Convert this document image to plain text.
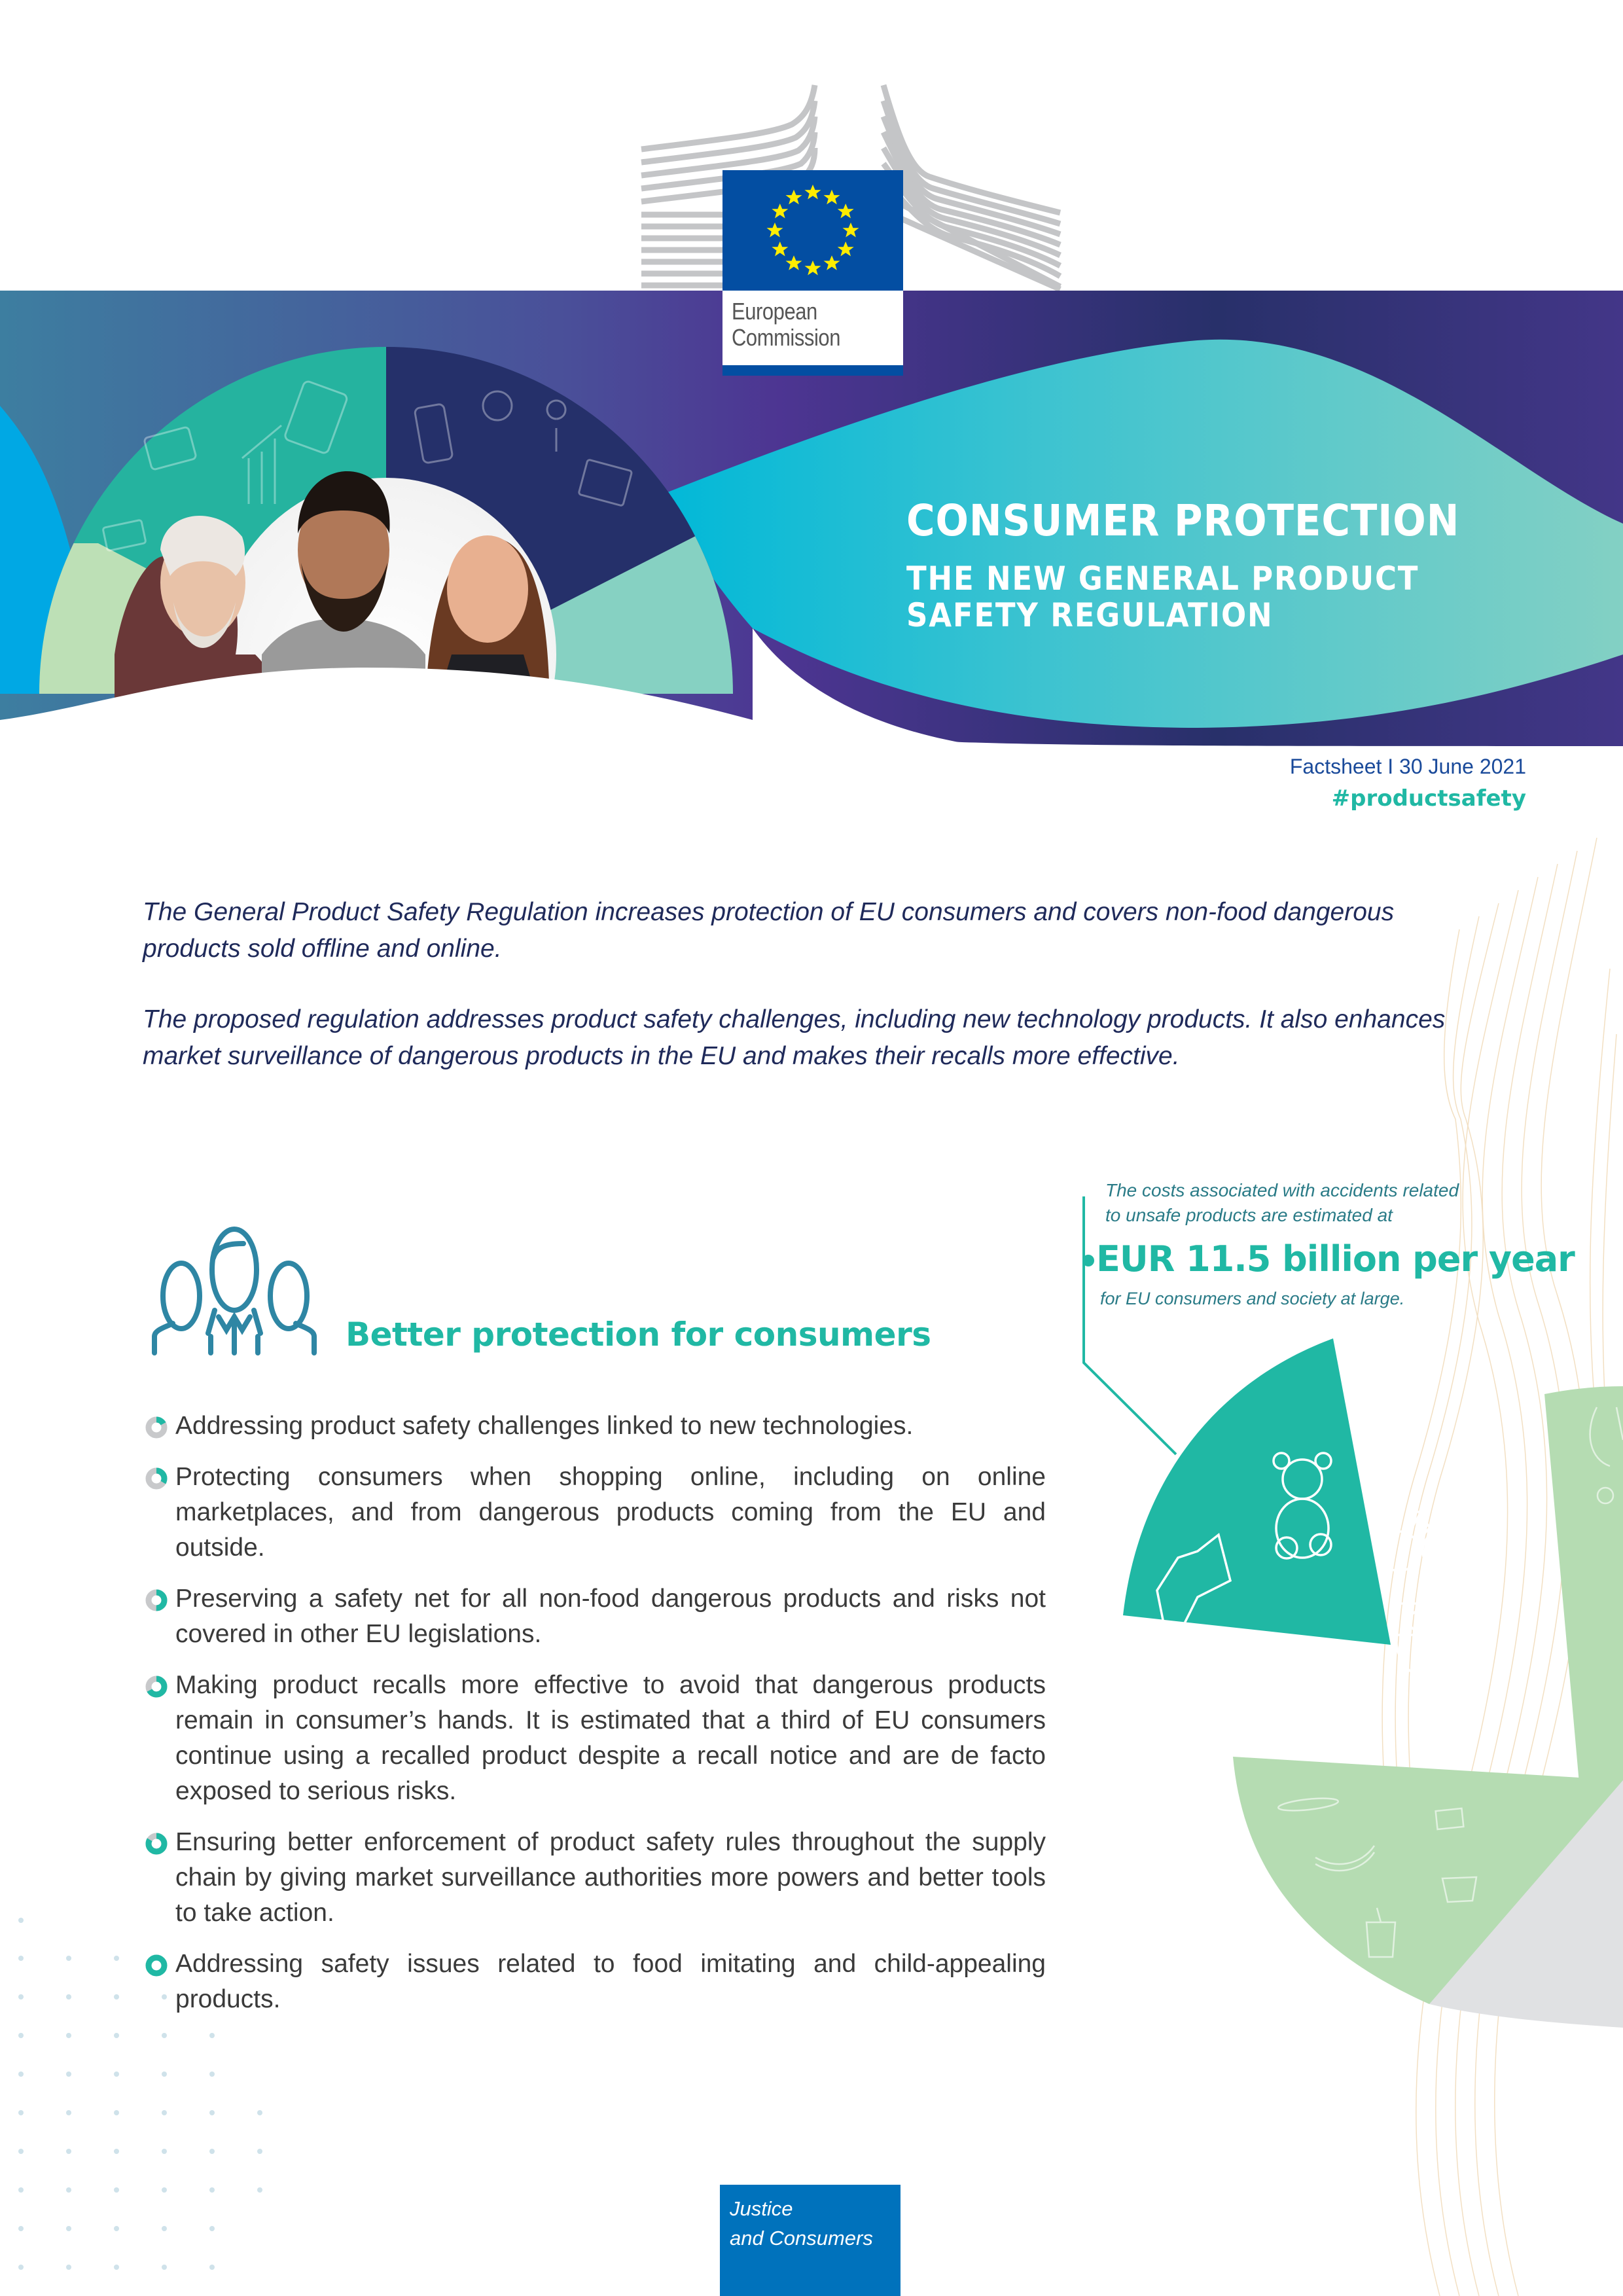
European
Commission
CONSUMER PROTECTION
THE NEW GENERAL PRODUCT
SAFETY REGULATION
Factsheet I 30 June 2021
#productsafety

The General Product Safety Regulation increases protection of EU consumers and covers non-food dangerous products sold offline and online.

The proposed regulation addresses product safety challenges, including new technology products. It also enhances market surveillance of dangerous products in the EU and makes their recalls more effective.

The costs associated with accidents related
to unsafe products are estimated at
EUR 11.5 billion per year
for EU consumers and society at large.
Better protection for consumers
Addressing product safety challenges linked to new technologies.
Protecting consumers when shopping online, including on online marketplaces, and from dangerous products coming from the EU and outside.
Preserving a safety net for all non-food dangerous products and risks not covered in other EU legislations.
Making product recalls more effective to avoid that dangerous products remain in consumer’s hands. It is estimated that a third of EU consumers continue using a recalled product despite a recall notice and are de facto exposed to serious risks.
Ensuring better enforcement of product safety rules throughout the supply chain by giving market surveillance authorities more powers and better tools to take action.
Addressing safety issues related to food imitating and child-appealing products.
Justice
and Consumers
